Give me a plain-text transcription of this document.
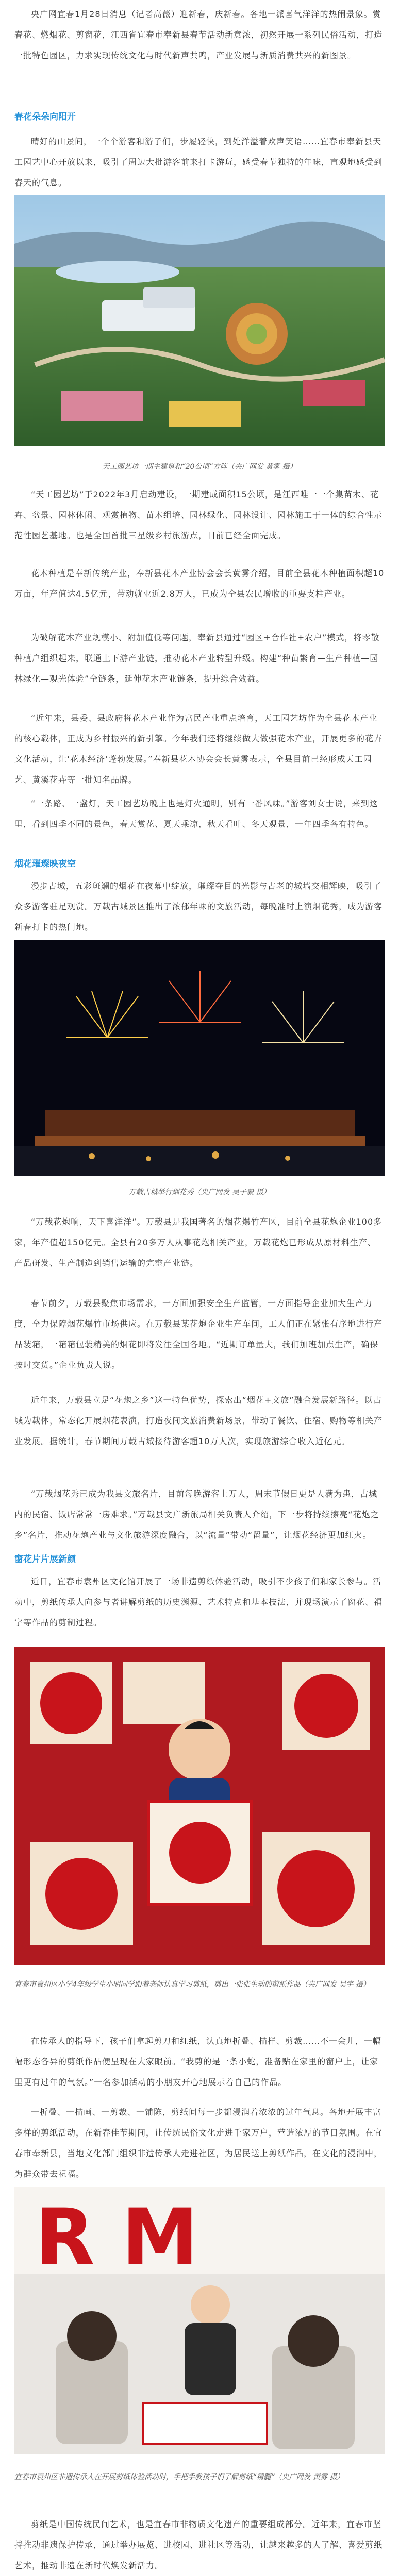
央广网宜春1月28日消息（记者高薇）迎新春，庆新春。各地一派喜气洋洋的热闹景象。赏春花、燃烟花、剪窗花，江西省宜春市奉新县春节活动新意浓，初然开展一系列民俗活动，打造一批特色园区，力求实现传统文化与时代新声共鸣，产业发展与新质消费共兴的新图景。

春花朵朵向阳开

晴好的山景间，一个个游客和游子们，步履轻快，到处洋溢着欢声笑语……宜春市奉新县天工园艺中心开放以来，吸引了周边大批游客前来打卡游玩，感受春节独特的年味，直观地感受到春天的气息。

天工园艺坊一期主建筑和“20公顷”方阵（央广网发 黄雾 摄）

“天工园艺坊”于2022年3月启动建设，一期建成面积15公顷，是江西唯一一个集苗木、花卉、盆景、园林休闲、观赏植物、苗木组培、园林绿化、园林设计、园林施工于一体的综合性示范性园艺基地。也是全国首批三星级乡村旅游点，目前已经全面完成。

花木种植是奉新传统产业，奉新县花木产业协会会长黄雾介绍，目前全县花木种植面积超10万亩，年产值达4.5亿元，带动就业近2.8万人，已成为全县农民增收的重要支柱产业。

为破解花木产业规模小、附加值低等问题，奉新县通过“园区+合作社+农户”模式，将零散种植户组织起来，联通上下游产业链，推动花木产业转型升级。构建“种苗繁育—生产种植—园林绿化—观光体验”全链条，延伸花木产业链条，提升综合效益。

“近年来，县委、县政府将花木产业作为富民产业重点培育，天工园艺坊作为全县花木产业的核心载体，正成为乡村振兴的新引擎。今年我们还将继续做大做强花木产业，开展更多的花卉文化活动，让‘花木经济’蓬勃发展。”奉新县花木协会会长黄雾表示，全县目前已经形成天工园艺、黄溪花卉等一批知名品牌。

“一条路、一盏灯，天工园艺坊晚上也是灯火通明，别有一番风味。”游客刘女士说，来到这里，看到四季不同的景色，春天赏花、夏天乘凉，秋天看叶、冬天观景，一年四季各有特色。

烟花璀璨映夜空

漫步古城，五彩斑斓的烟花在夜幕中绽放，璀璨夺目的光影与古老的城墙交相辉映，吸引了众多游客驻足观赏。万载古城景区推出了浓郁年味的文旅活动，每晚准时上演烟花秀，成为游客新春打卡的热门地。

万载古城举行烟花秀（央广网发 吴子毅 摄）

“万载花炮响，天下喜洋洋”。万载县是我国著名的烟花爆竹产区，目前全县花炮企业100多家，年产值超150亿元。全县有20多万人从事花炮相关产业，万载花炮已形成从原材料生产、产品研发、生产制造到销售运输的完整产业链。

春节前夕，万载县聚焦市场需求，一方面加强安全生产监管，一方面指导企业加大生产力度，全力保障烟花爆竹市场供应。在万载县某花炮企业生产车间，工人们正在紧张有序地进行产品装箱，一箱箱包装精美的烟花即将发往全国各地。“近期订单量大，我们加班加点生产，确保按时交货。”企业负责人说。

近年来，万载县立足“花炮之乡”这一特色优势，探索出“烟花+文旅”融合发展新路径。以古城为载体，常态化开展烟花表演，打造夜间文旅消费新场景，带动了餐饮、住宿、购物等相关产业发展。据统计，春节期间万载古城接待游客超10万人次，实现旅游综合收入近亿元。

“万载烟花秀已成为我县文旅名片，目前每晚游客上万人，周末节假日更是人满为患，古城内的民宿、饭店常常一房难求。”万载县文广新旅局相关负责人介绍，下一步将持续擦亮“花炮之乡”名片，推动花炮产业与文化旅游深度融合，以“流量”带动“留量”，让烟花经济更加红火。

窗花片片展新颜

近日，宜春市袁州区文化馆开展了一场非遗剪纸体验活动，吸引不少孩子们和家长参与。活动中，剪纸传承人向参与者讲解剪纸的历史渊源、艺术特点和基本技法，并现场演示了窗花、福字等作品的剪制过程。

宜春市袁州区小学4年级学生小明同学跟着老师认真学习剪纸，剪出一张张生动的剪纸作品（央广网发 吴宇 摄）

在传承人的指导下，孩子们拿起剪刀和红纸，认真地折叠、描样、剪裁……不一会儿，一幅幅形态各异的剪纸作品便呈现在大家眼前。“我剪的是一条小蛇，准备贴在家里的窗户上，让家里更有过年的气氛。”一名参加活动的小朋友开心地展示着自己的作品。

一折叠、一描画、一剪裁、一铺陈，剪纸间每一步都浸润着浓浓的过年气息。各地开展丰富多样的剪纸活动，在新春佳节期间，让传统民俗文化走进千家万户，营造浓厚的节日氛围。在宜春市奉新县，当地文化部门组织非遗传承人走进社区，为居民送上剪纸作品，在文化的浸润中，为群众带去祝福。

R M

宜春市袁州区非遗传承人在开展剪纸体验活动时，手把手教孩子们了解剪纸“精髓”（央广网发 黄雾 摄）

剪纸是中国传统民间艺术，也是宜春市非物质文化遗产的重要组成部分。近年来，宜春市坚持推动非遗保护传承，通过举办展览、进校园、进社区等活动，让越来越多的人了解、喜爱剪纸艺术，推动非遗在新时代焕发新活力。
